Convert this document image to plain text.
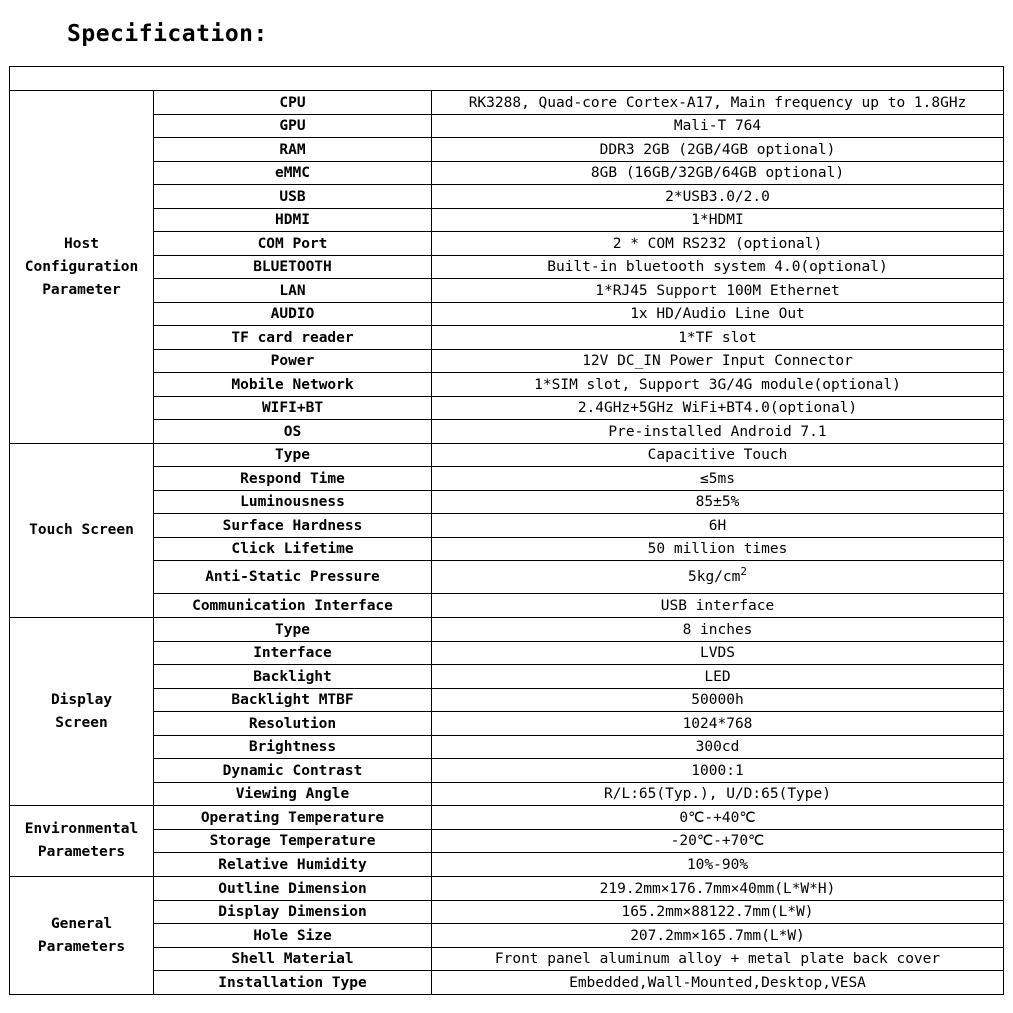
Specification:

Host
Configuration
Parameter	CPU	RK3288, Quad-core Cortex-A17, Main frequency up to 1.8GHz
	GPU	Mali-T 764
	RAM	DDR3 2GB (2GB/4GB optional)
	eMMC	8GB (16GB/32GB/64GB optional)
	USB	2*USB3.0/2.0
	HDMI	1*HDMI
	COM Port	2 * COM RS232 (optional)
	BLUETOOTH	Built-in bluetooth system 4.0(optional)
	LAN	1*RJ45 Support 100M Ethernet
	AUDIO	1x HD/Audio Line Out
	TF card reader	1*TF slot
	Power	12V DC_IN Power Input Connector
	Mobile Network	1*SIM slot, Support 3G/4G module(optional)
	WIFI+BT	2.4GHz+5GHz WiFi+BT4.0(optional)
	OS	Pre-installed Android 7.1

Touch Screen	Type	Capacitive Touch
	Respond Time	≤5ms
	Luminousness	85±5%
	Surface Hardness	6H
	Click Lifetime	50 million times
	Anti-Static Pressure	$5kg/cm^2$
	Communication Interface	USB interface

Display
Screen	Type	8 inches
	Interface	LVDS
	Backlight	LED
	Backlight MTBF	50000h
	Resolution	1024*768
	Brightness	300cd
	Dynamic Contrast	1000:1
	Viewing Angle	R/L:65(Typ.), U/D:65(Type)

Environmental
Parameters	Operating Temperature	0℃-+40℃
	Storage Temperature	-20℃-+70℃
	Relative Humidity	10%-90%

General
Parameters	Outline Dimension	219.2mm×176.7mm×40mm(L*W*H)
	Display Dimension	165.2mm×88122.7mm(L*W)
	Hole Size	207.2mm×165.7mm(L*W)
	Shell Material	Front panel aluminum alloy + metal plate back cover
	Installation Type	Embedded,Wall-Mounted,Desktop,VESA
